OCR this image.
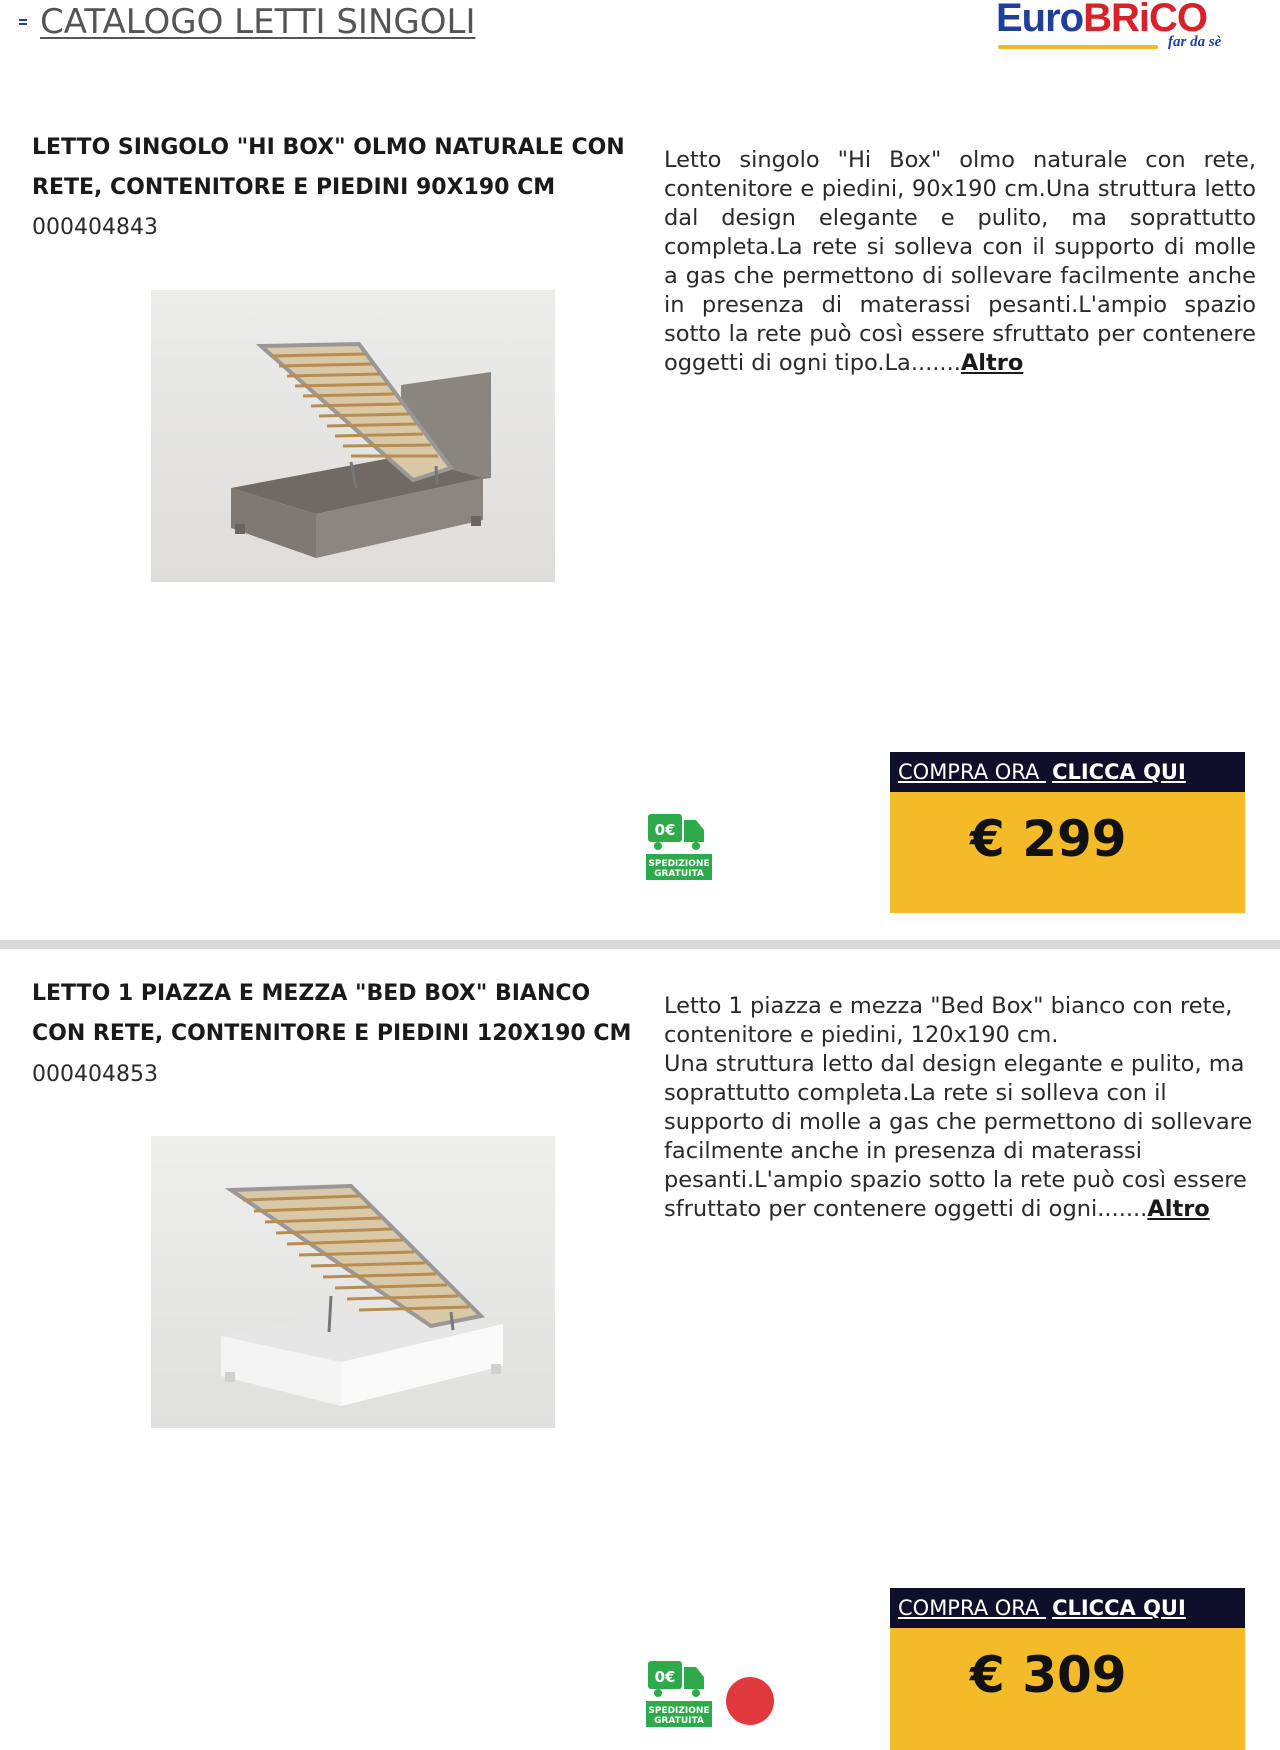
CATALOGO LETTI SINGOLI	EuroBRiCO
far da sè
LETTO SINGOLO "HI BOX" OLMO NATURALE CON RETE, CONTENITORE E PIEDINI 90X190 CM
000404843
Letto singolo "Hi Box" olmo naturale con rete, contenitore e piedini, 90x190 cm.Una struttura letto dal design elegante e pulito, ma soprattutto completa.La rete si solleva con il supporto di molle a gas che permettono di sollevare facilmente anche in presenza di materassi pesanti.L'ampio spazio sotto la rete può così essere sfruttato per contenere oggetti di ogni tipo.La.......Altro
0€
SPEDIZIONE
GRATUITA
COMPRA ORA CLICCA QUI
€ 299
LETTO 1 PIAZZA E MEZZA "BED BOX" BIANCO CON RETE, CONTENITORE E PIEDINI 120X190 CM
000404853
Letto 1 piazza e mezza "Bed Box" bianco con rete, contenitore e piedini, 120x190 cm.
Una struttura letto dal design elegante e pulito, ma soprattutto completa.La rete si solleva con il supporto di molle a gas che permettono di sollevare facilmente anche in presenza di materassi pesanti.L'ampio spazio sotto la rete può così essere sfruttato per contenere oggetti di ogni.......Altro
0€
SPEDIZIONE
GRATUITA
COMPRA ORA CLICCA QUI
€ 309
